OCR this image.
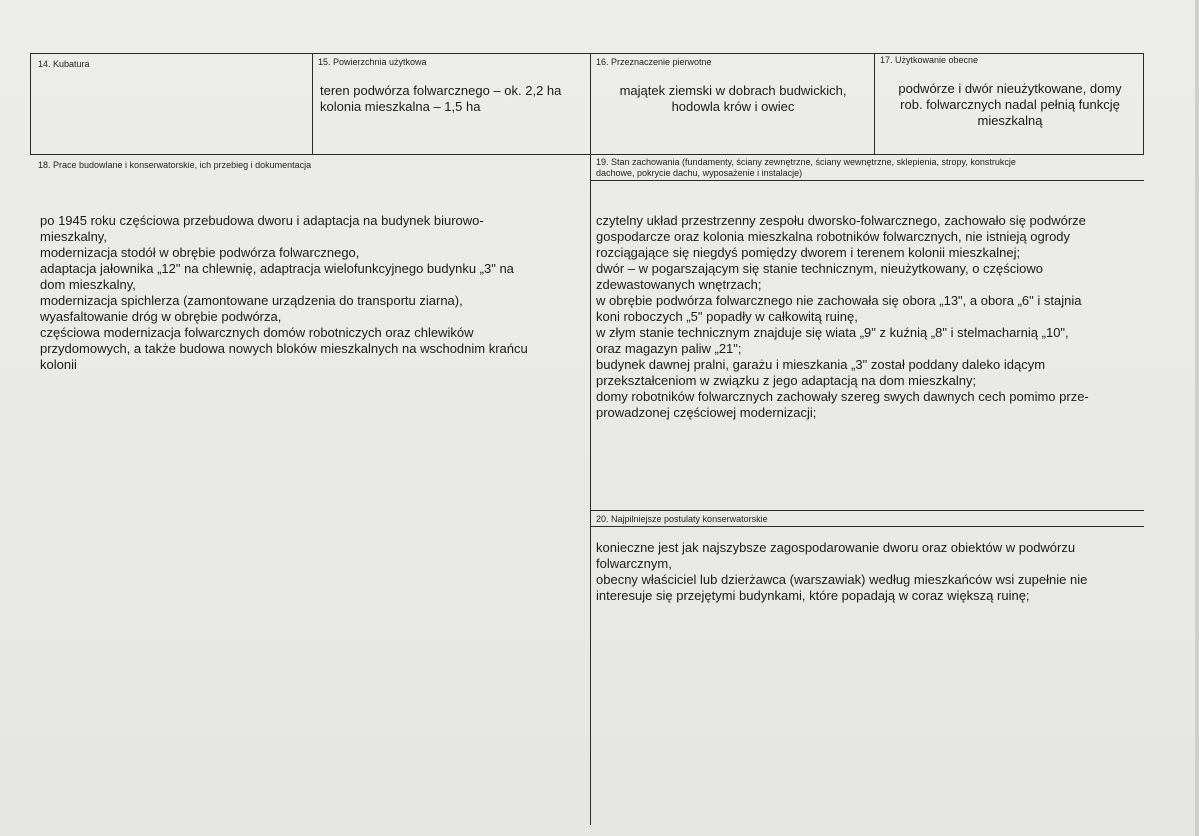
14. Kubatura	15. Powierzchnia użytkowa
teren podwórza folwarcznego – ok. 2,2 ha
kolonia mieszkalna – 1,5 ha
16. Przeznaczenie pierwotne
majątek ziemski w dobrach budwickich,
hodowla krów i owiec
17. Użytkowanie obecne
podwórze i dwór nieużytkowane, domy
rob. folwarcznych nadal pełnią funkcję
mieszkalną
18. Prace budowlane i konserwatorskie, ich przebieg i dokumentacja
po 1945 roku częściowa przebudowa dworu i adaptacja na budynek biurowo-
mieszkalny,
modernizacja stodół w obrębie podwórza folwarcznego,
adaptacja jałownika „12" na chlewnię, adaptracja wielofunkcyjnego budynku „3" na
dom mieszkalny,
modernizacja spichlerza (zamontowane urządzenia do transportu ziarna),
wyasfaltowanie dróg w obrębie podwórza,
częściowa modernizacja folwarcznych domów robotniczych oraz chlewików
przydomowych, a także budowa nowych bloków mieszkalnych na wschodnim krańcu
kolonii
19. Stan zachowania (fundamenty, ściany zewnętrzne, ściany wewnętrzne, sklepienia, stropy, konstrukcje
dachowe, pokrycie dachu, wyposażenie i instalacje)
czytelny układ przestrzenny zespołu dworsko-folwarcznego, zachowało się podwórze
gospodarcze oraz kolonia mieszkalna robotników folwarcznych, nie istnieją ogrody
rozciągające się niegdyś pomiędzy dworem i terenem kolonii mieszkalnej;
dwór – w pogarszającym się stanie technicznym, nieużytkowany, o częściowo
zdewastowanych wnętrzach;
w obrębie podwórza folwarcznego nie zachowała się obora „13", a obora „6" i stajnia
koni roboczych „5" popadły w całkowitą ruinę,
w złym stanie technicznym znajduje się wiata „9" z kuźnią „8" i stelmacharnią „10",
oraz magazyn paliw „21";
budynek dawnej pralni, garażu i mieszkania „3" został poddany daleko idącym
przekształceniom w związku z jego adaptacją na dom mieszkalny;
domy robotników folwarcznych zachowały szereg swych dawnych cech pomimo prze-
prowadzonej częściowej modernizacji;
20. Najpilniejsze postulaty konserwatorskie
konieczne jest jak najszybsze zagospodarowanie dworu oraz obiektów w podwórzu
folwarcznym,
obecny właściciel lub dzierżawca (warszawiak) według mieszkańców wsi zupełnie nie
interesuje się przejętymi budynkami, które popadają w coraz większą ruinę;
